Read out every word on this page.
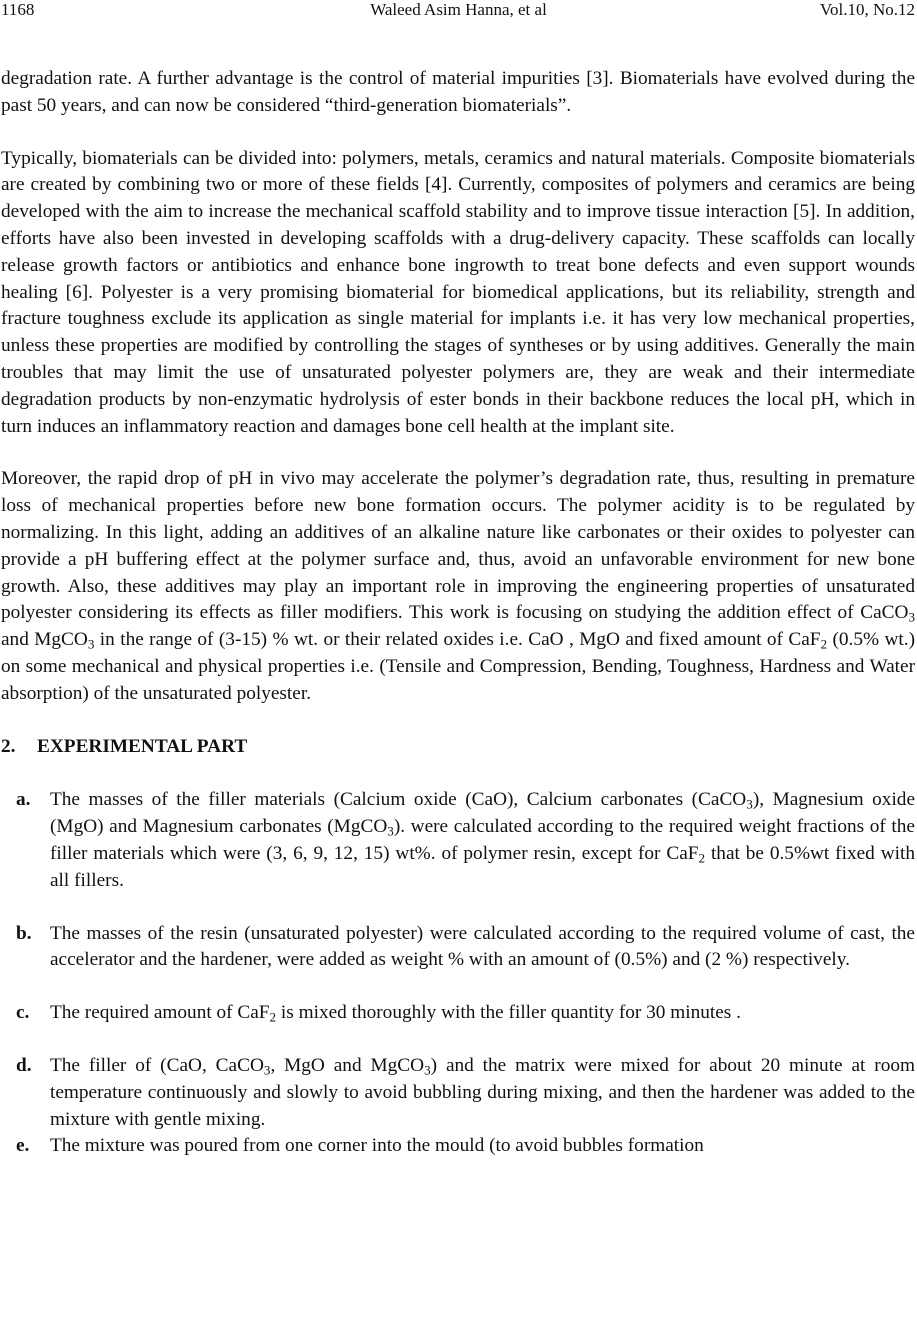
1168	Waleed Asim Hanna, et al	Vol.10, No.12

degradation rate. A further advantage is the control of material impurities [3]. Biomaterials have evolved during the past 50 years, and can now be considered “third-generation biomaterials”.

Typically, biomaterials can be divided into: polymers, metals, ceramics and natural materials. Composite biomaterials are created by combining two or more of these fields [4]. Currently, composites of polymers and ceramics are being developed with the aim to increase the mechanical scaffold stability and to improve tissue interaction [5]. In addition, efforts have also been invested in developing scaffolds with a drug-delivery capacity. These scaffolds can locally release growth factors or antibiotics and enhance bone ingrowth to treat bone defects and even support wounds healing [6]. Polyester is a very promising biomaterial for biomedical applications, but its reliability, strength and fracture toughness exclude its application as single material for implants i.e. it has very low mechanical properties, unless these properties are modified by controlling the stages of syntheses or by using additives. Generally the main troubles that may limit the use of unsaturated polyester polymers are, they are weak and their intermediate degradation products by non-enzymatic hydrolysis of ester bonds in their backbone reduces the local pH, which in turn induces an inflammatory reaction and damages bone cell health at the implant site.

Moreover, the rapid drop of pH in vivo may accelerate the polymer’s degradation rate, thus, resulting in premature loss of mechanical properties before new bone formation occurs. The polymer acidity is to be regulated by normalizing. In this light, adding an additives of an alkaline nature like carbonates or their oxides to polyester can provide a pH buffering effect at the polymer surface and, thus, avoid an unfavorable environment for new bone growth. Also, these additives may play an important role in improving the engineering properties of unsaturated polyester considering its effects as filler modifiers. This work is focusing on studying the addition effect of CaCO$_3$ and MgCO$_3$ in the range of (3-15) % wt. or their related oxides i.e. CaO , MgO and fixed amount of CaF$_2$ (0.5% wt.) on some mechanical and physical properties i.e. (Tensile and Compression, Bending, Toughness, Hardness and Water absorption) of the unsaturated polyester.

2. EXPERIMENTAL PART
a. The masses of the filler materials (Calcium oxide (CaO), Calcium carbonates (CaCO$_3$), Magnesium oxide (MgO) and Magnesium carbonates (MgCO$_3$). were calculated according to the required weight fractions of the filler materials which were (3, 6, 9, 12, 15) wt%. of polymer resin, except for CaF$_2$ that be 0.5%wt fixed with all fillers.
b. The masses of the resin (unsaturated polyester) were calculated according to the required volume of cast, the accelerator and the hardener, were added as weight % with an amount of (0.5%) and (2 %) respectively.
c. The required amount of CaF$_2$ is mixed thoroughly with the filler quantity for 30 minutes .
d. The filler of (CaO, CaCO$_3$, MgO and MgCO$_3$) and the matrix were mixed for about 20 minute at room temperature continuously and slowly to avoid bubbling during mixing, and then the hardener was added to the mixture with gentle mixing.
e. The mixture was poured from one corner into the mould (to avoid bubbles formation
